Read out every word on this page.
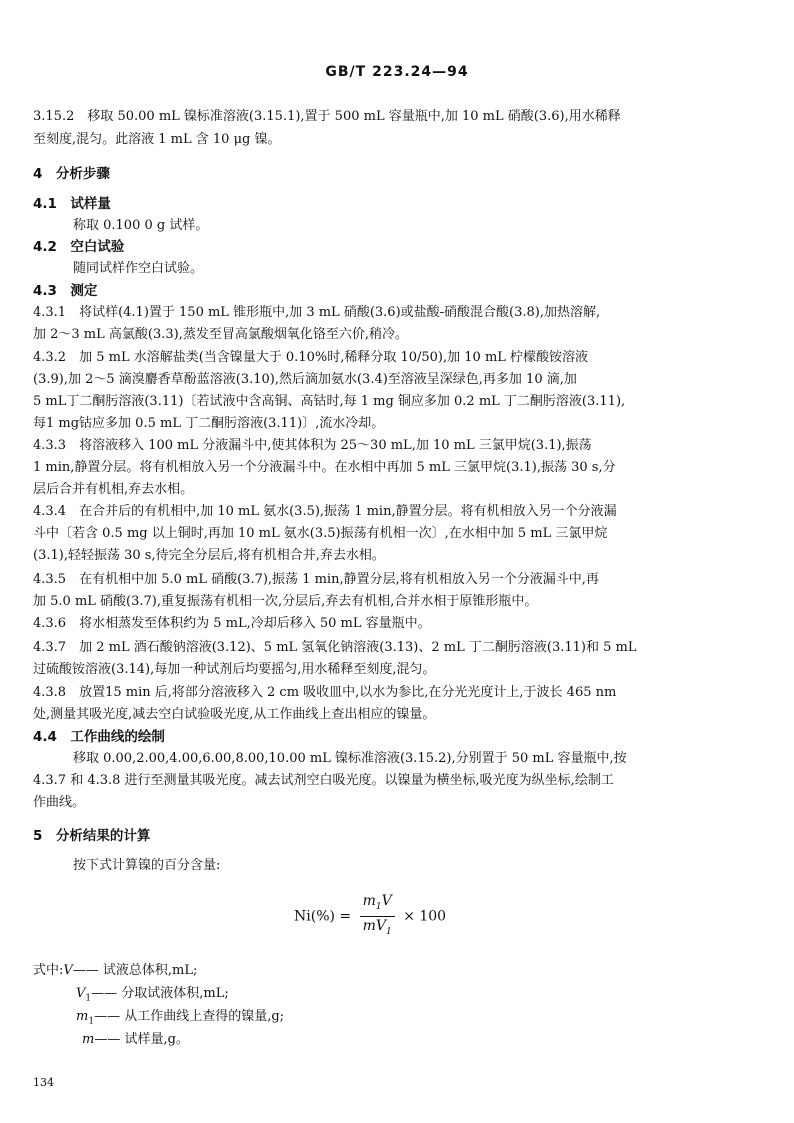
GB/T 223.24—94
3.15.2　移取 50.00 mL 镍标准溶液(3.15.1),置于 500 mL 容量瓶中,加 10 mL 硝酸(3.6),用水稀释
至刻度,混匀。此溶液 1 mL 含 10 μg 镍。
4　分析步骤
4.1　试样量
称取 0.100 0 g 试样。
4.2　空白试验
随同试样作空白试验。
4.3　测定
4.3.1　将试样(4.1)置于 150 mL 锥形瓶中,加 3 mL 硝酸(3.6)或盐酸-硝酸混合酸(3.8),加热溶解,
加 2～3 mL 高氯酸(3.3),蒸发至冒高氯酸烟氧化铬至六价,稍冷。
4.3.2　加 5 mL 水溶解盐类(当含镍量大于 0.10%时,稀释分取 10/50),加 10 mL 柠檬酸铵溶液
(3.9),加 2～5 滴溴麝香草酚蓝溶液(3.10),然后滴加氨水(3.4)至溶液呈深绿色,再多加 10 滴,加
5 mL丁二酮肟溶液(3.11)〔若试液中含高铜、高钴时,每 1 mg 铜应多加 0.2 mL 丁二酮肟溶液(3.11),
每1 mg钴应多加 0.5 mL 丁二酮肟溶液(3.11)〕,流水冷却。
4.3.3　将溶液移入 100 mL 分液漏斗中,使其体积为 25～30 mL,加 10 mL 三氯甲烷(3.1),振荡
1 min,静置分层。将有机相放入另一个分液漏斗中。在水相中再加 5 mL 三氯甲烷(3.1),振荡 30 s,分
层后合并有机相,弃去水相。
4.3.4　在合并后的有机相中,加 10 mL 氨水(3.5),振荡 1 min,静置分层。将有机相放入另一个分液漏
斗中〔若含 0.5 mg 以上铜时,再加 10 mL 氨水(3.5)振荡有机相一次〕,在水相中加 5 mL 三氯甲烷
(3.1),轻轻振荡 30 s,待完全分层后,将有机相合并,弃去水相。
4.3.5　在有机相中加 5.0 mL 硝酸(3.7),振荡 1 min,静置分层,将有机相放入另一个分液漏斗中,再
加 5.0 mL 硝酸(3.7),重复振荡有机相一次,分层后,弃去有机相,合并水相于原锥形瓶中。
4.3.6　将水相蒸发至体积约为 5 mL,冷却后移入 50 mL 容量瓶中。
4.3.7　加 2 mL 酒石酸钠溶液(3.12)、5 mL 氢氧化钠溶液(3.13)、2 mL 丁二酮肟溶液(3.11)和 5 mL
过硫酸铵溶液(3.14),每加一种试剂后均要摇匀,用水稀释至刻度,混匀。
4.3.8　放置15 min 后,将部分溶液移入 2 cm 吸收皿中,以水为参比,在分光光度计上,于波长 465 nm
处,测量其吸光度,减去空白试验吸光度,从工作曲线上查出相应的镍量。
4.4　工作曲线的绘制
移取 0.00,2.00,4.00,6.00,8.00,10.00 mL 镍标准溶液(3.15.2),分别置于 50 mL 容量瓶中,按
4.3.7 和 4.3.8 进行至测量其吸光度。减去试剂空白吸光度。以镍量为横坐标,吸光度为纵坐标,绘制工
作曲线。
5　分析结果的计算
按下式计算镍的百分含量:
$Ni(\%) = \frac{m_1V}{mV_1} \times 100$
式中:V—— 试液总体积,mL;
$V_1——$ 分取试液体积,mL;
$m_1——$ 从工作曲线上查得的镍量,g;
m—— 试样量,g。
134
